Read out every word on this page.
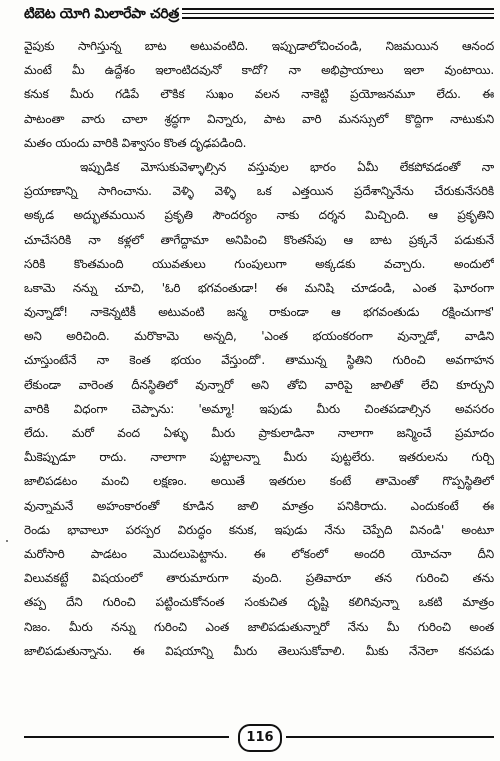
టిబెట యోగి మిలారేపా చరిత్ర
వైపుకు సాగిస్తున్న బాట అటువంటిది. ఇప్పుడాలోచించండి, నిజమయిన ఆనంద
మంటే మీ ఉద్దేశం ఇలాంటిదవునో కాదో? నా అభిప్రాయాలు ఇలా వుంటాయి.
కనుక మీరు గడిపే లౌకిక సుఖం వలన నాకెట్టి ప్రయోజనమూ లేదు. ఈ
పాటంతా వారు చాలా శ్రద్ధగా విన్నారు, పాట వారి మనస్సులో కొద్దిగా నాటుకుని
మతం యందు వారికి విశ్వాసం కొంత దృఢపడింది.
ఇప్పుడిక మోసుకువెళ్ళాల్సిన వస్తువుల భారం ఏమీ లేకపోవడంతో నా
ప్రయాణాన్ని సాగించాను. వెళ్ళి వెళ్ళి ఒక ఎత్తయిన ప్రదేశాన్నినేను చేరుకునేసరికి
అక్కడ అద్భుతమయిన ప్రకృతి సౌందర్యం నాకు దర్శన మిచ్చింది. ఆ ప్రకృతిని
చూచేసరికి నా కళ్లలో తాగేద్దామా అనిపించి కొంతసేపు ఆ బాట ప్రక్కనే పడుకునే
సరికి కొంతమంది యువతులు గుంపులుగా అక్కడకు వచ్చారు. అందులో
ఒకామె నన్ను చూచి, 'ఓరి భగవంతుడా! ఈ మనిషి చూడండి, ఎంత ఘోరంగా
వున్నాడో! నాకెన్నటికీ అటువంటి జన్మ రాకుండా ఆ భగవంతుడు రక్షించుగాక'
అని అరిచింది. మరొకామె అన్నది, 'ఎంత భయంకరంగా వున్నాడో, వాడిని
చూస్తుంటేనే నా కెంత భయం వేస్తుందో'. తామున్న స్థితిని గురించి అవగాహన
లేకుండా వారెంత దీనస్థితిలో వున్నారో అని తోచి వారిపై జాలితో లేచి కూర్చుని
వారికి విధంగా చెప్పాను: 'అమ్మా! ఇపుడు మీరు చింతపడాల్సిన అవసరం
లేదు. మరో వంద ఏళ్ళు మీరు ప్రాకులాడినా నాలాగా జన్మించే ప్రమాదం
మీకెప్పుడూ రాదు. నాలాగా పుట్టాలన్నా మీరు పుట్టలేరు. ఇతరులను గుర్చి
జాలిపడటం మంచి లక్షణం. అయితే ఇతరుల కంటే తామెంతో గొప్పస్థితిలో
వున్నామనే అహంకారంతో కూడిన జాలి మాత్రం పనికిరాదు. ఎందుకంటే ఈ
రెండు భావాలూ పరస్పర విరుద్ధం కనుక, ఇపుడు నేను చెప్పేది వినండి' అంటూ
మరోసారి పాడటం మొదలుపెట్టాను. ఈ లోకంలో అందరి యోచనా దీని
విలువకట్టే విషయంలో తారుమారుగా వుంది. ప్రతివారూ తన గురించి తను
తప్ప దేని గురించి పట్టించుకోనంత సంకుచిత దృష్టి కలిగివున్నా ఒకటి మాత్రం
నిజం. మీరు నన్ను గురించి ఎంత జాలిపడుతున్నారో నేను మీ గురించి అంత
జాలిపడుతున్నాను. ఈ విషయాన్ని మీరు తెలుసుకోవాలి. మీకు నేనెలా కనపడు
116
